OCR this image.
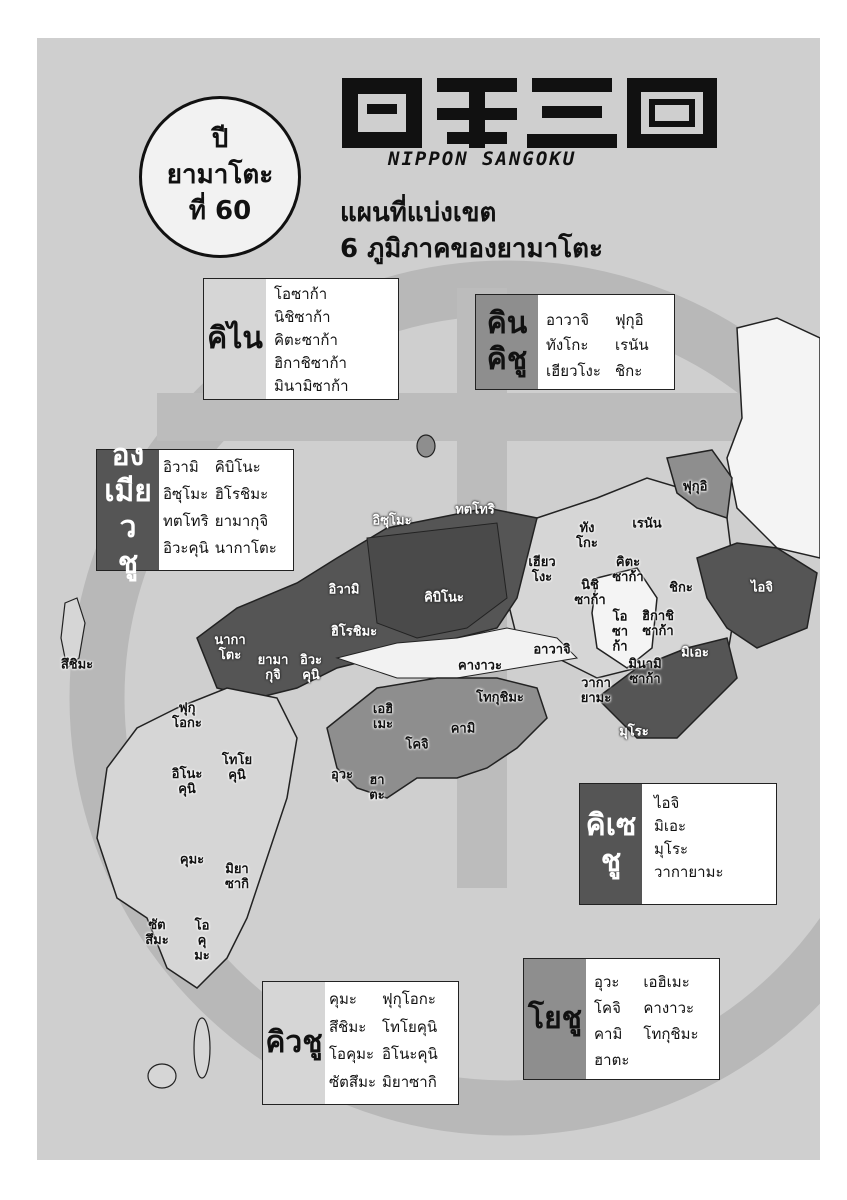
ปี
ยามาโตะ
ที่ 60
NIPPON SANGOKU
แผนที่แบ่งเขต
6 ภูมิภาคของยามาโตะ
คิไน
โอซาก้า
นิชิซาก้า
คิตะซาก้า
ฮิกาชิซาก้า
มินามิซาก้า
คิน
คิชู
อาวาจิ	ฟุกุอิ
ทังโกะ	เรนัน
เฮียวโงะ ชิกะ
อง
เมียว
ชู
อิวามิ	คิบิโนะ
อิซุโมะ ฮิโรชิมะ
ทตโทริ ยามากุจิ
อิวะคุนิ นากาโตะ
คิเซ
ชู
ไอจิ
มิเอะ
มุโระ
วากายามะ
โยชู
อุวะ	เอฮิเมะ
โคจิ	คางาวะ
คามิ	โทกุชิมะ
ฮาตะ
คิวชู
คุมะ	ฟุกุโอกะ
สึชิมะ	โทโยคุนิ
โอคุมะ อิโนะคุนิ
ซัตสึมะ มิยาซากิ
ฟุกุอิ
ทัง
โกะ
เรนัน
อิซุโมะ
ทตโทริ
เฮียว
โงะ
คิตะ
ซาก้า
นิชิ
ซาก้า
ชิกะ	ไอจิ
อิวามิ
คิบิโนะ
โอ
ซา
ก้า
ฮิกาชิ
ซาก้า
ฮิโรชิมะ
นากา
โตะ	ยามา
กุจิ
อิวะ
คุนิ
คางาวะ
อาวาจิ	มิเอะ
มินามิ
ซาก้า
วากา
ยามะ
สึชิมะ
ฟุกุ
โอกะ
เอฮิ
เมะ
โทกุชิมะ
โคจิ
คามิ	มุโระ
อิโนะ
คุนิ
โทโย
คุนิ	อุวะ ฮา
ตะ
คุมะ
มิยา
ซากิ
ซัต
สึมะ
โอ
คุ
มะ
